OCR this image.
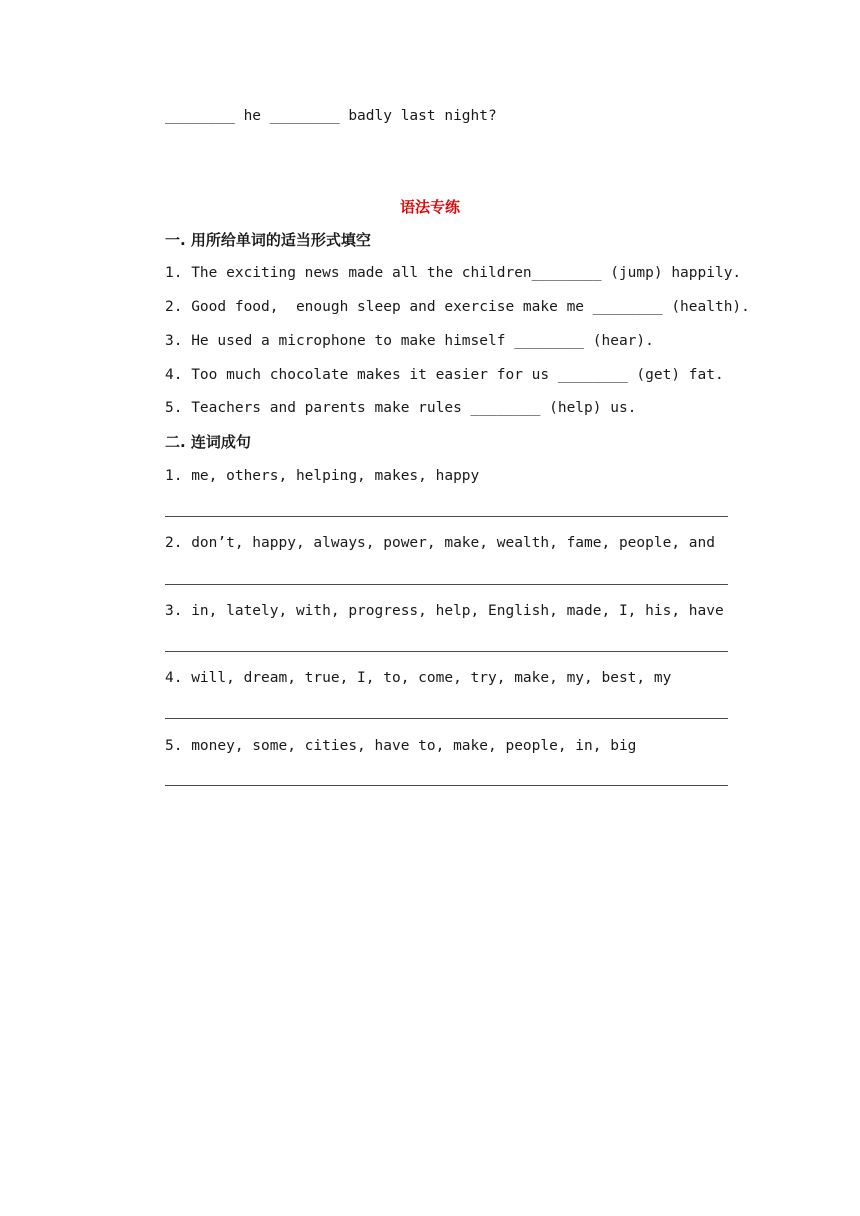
________ he ________ badly last night?
语法专练
一. 用所给单词的适当形式填空
1. The exciting news made all the children________ (jump) happily.
2. Good food,  enough sleep and exercise make me ________ (health).
3. He used a microphone to make himself ________ (hear).
4. Too much chocolate makes it easier for us ________ (get) fat.
5. Teachers and parents make rules ________ (help) us.
二. 连词成句
1. me, others, helping, makes, happy
2. don’t, happy, always, power, make, wealth, fame, people, and
3. in, lately, with, progress, help, English, made, I, his, have
4. will, dream, true, I, to, come, try, make, my, best, my
5. money, some, cities, have to, make, people, in, big
